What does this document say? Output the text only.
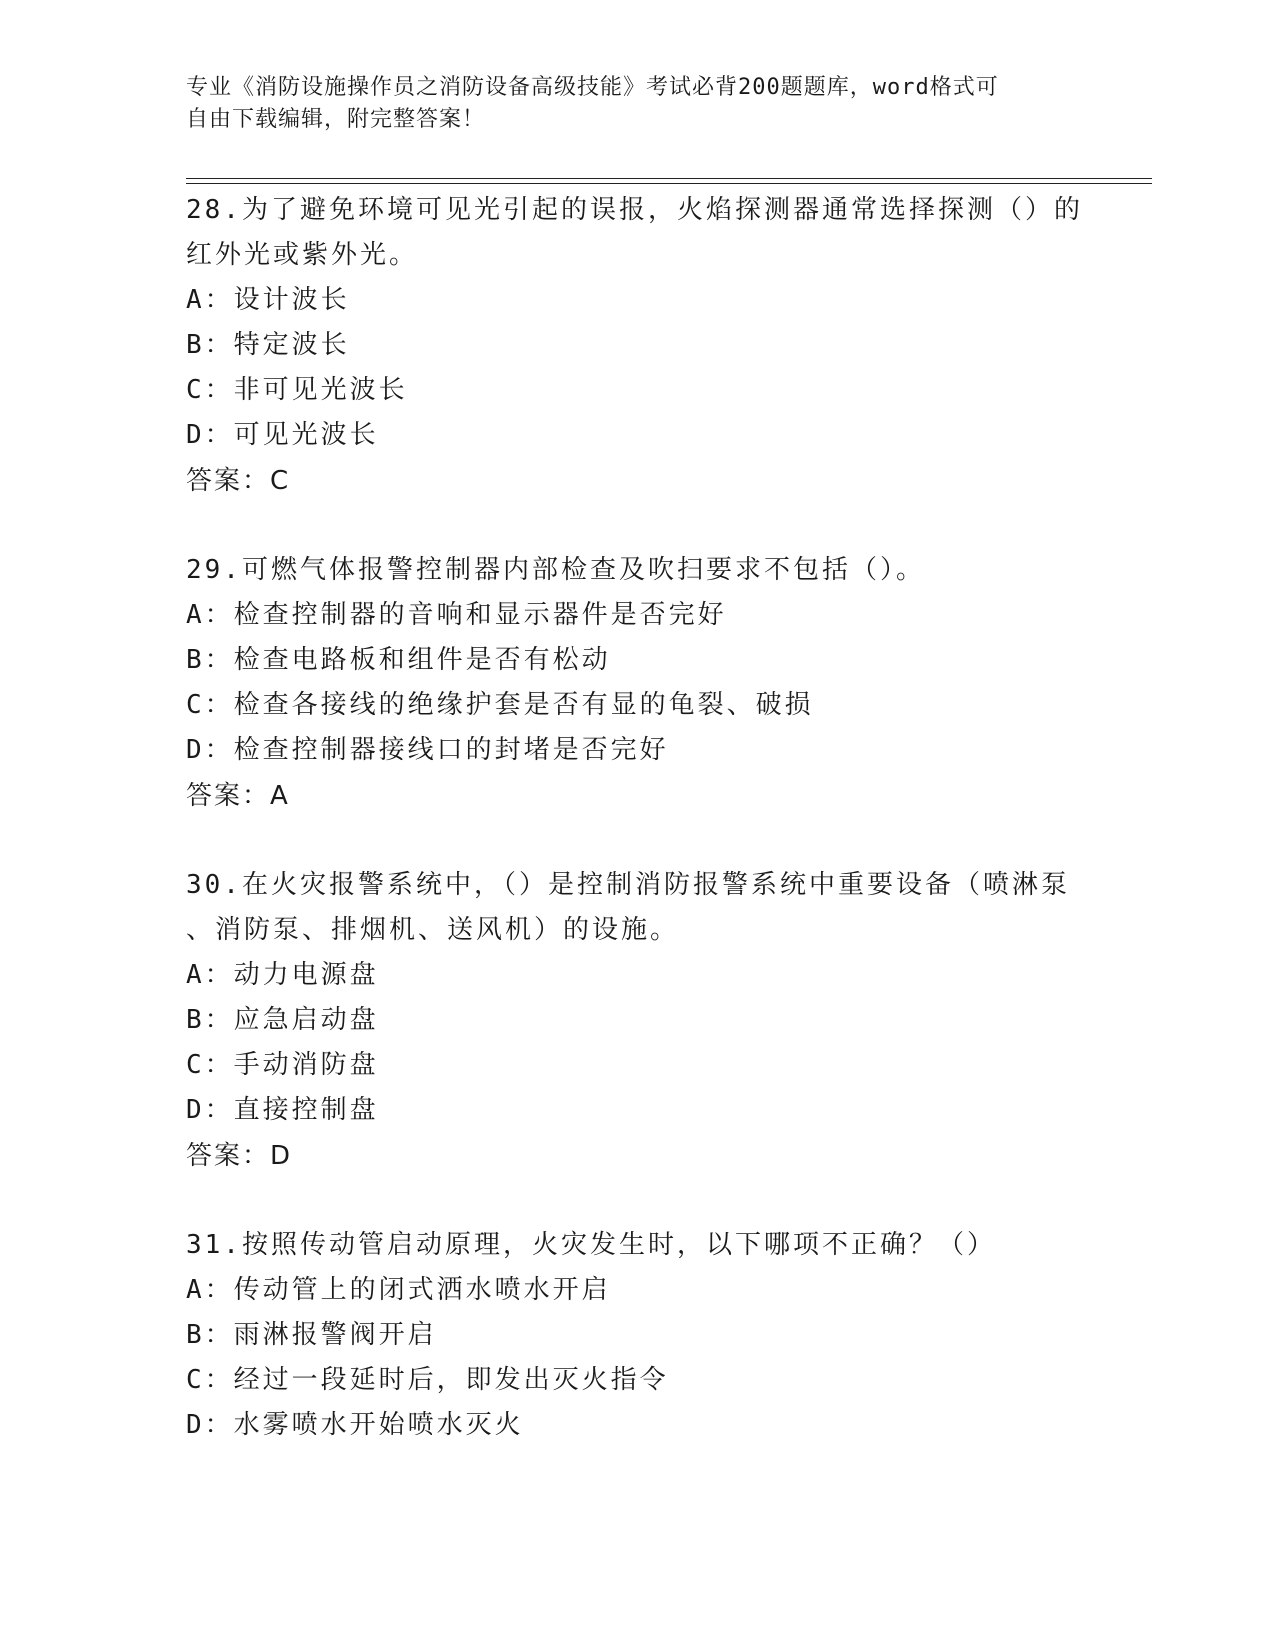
专业《消防设施操作员之消防设备高级技能》考试必背200题题库，word格式可
自由下载编辑，附完整答案！
28.为了避免环境可见光引起的误报，火焰探测器通常选择探测（）的
红外光或紫外光。
A：设计波长
B：特定波长
C：非可见光波长
D：可见光波长
答案：C
29.可燃气体报警控制器内部检查及吹扫要求不包括（）。
A：检查控制器的音响和显示器件是否完好
B：检查电路板和组件是否有松动
C：检查各接线的绝缘护套是否有显的龟裂、破损
D：检查控制器接线口的封堵是否完好
答案：A
30.在火灾报警系统中，（）是控制消防报警系统中重要设备（喷淋泵
、消防泵、排烟机、送风机）的设施。
A：动力电源盘
B：应急启动盘
C：手动消防盘
D：直接控制盘
答案：D
31.按照传动管启动原理，火灾发生时，以下哪项不正确？（）
A：传动管上的闭式洒水喷水开启
B：雨淋报警阀开启
C：经过一段延时后，即发出灭火指令
D：水雾喷水开始喷水灭火
